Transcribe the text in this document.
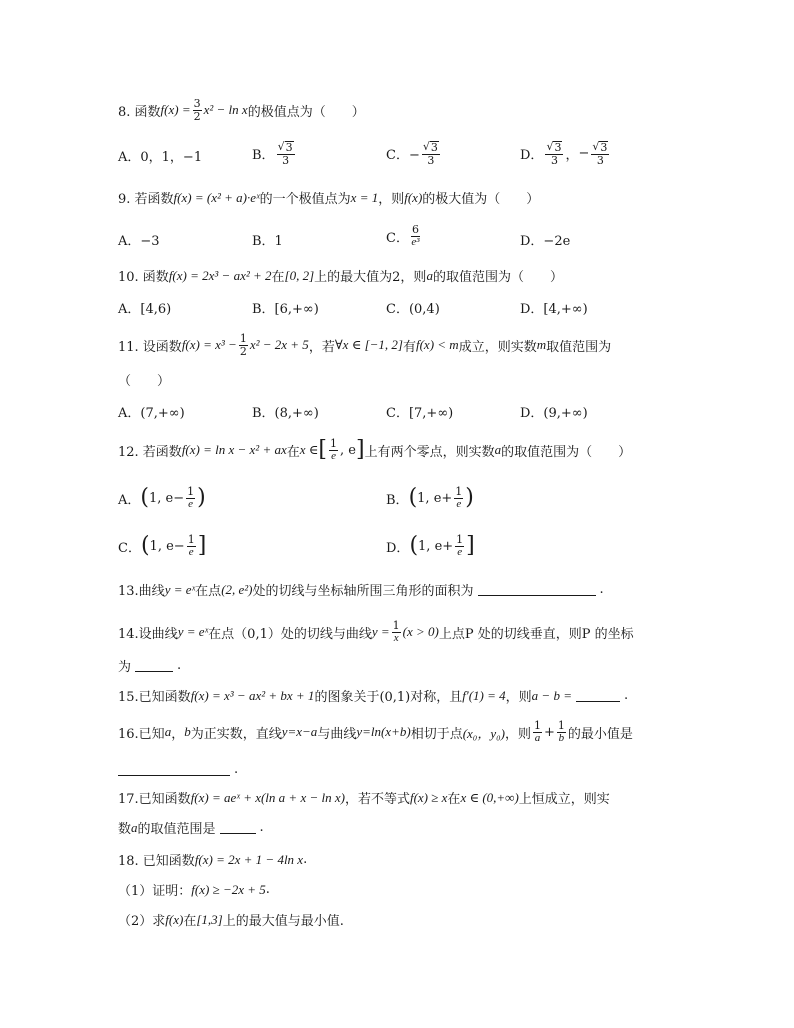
8. 函数 $f(x) = \frac{3}{2} x^2 - \ln x$ 的极值点为（　　）
A．0，1，−1	B． $\frac{√ 3}{3}$	C．− $\frac{√ 3}{3}$	D． $\frac{√ 3}{3}$ ， − $\frac{√ 3}{3}$
9. 若函数 f(x) = (x² + a)·eˣ 的一个极值点为 x = 1 ，则 f(x) 的极大值为（　　）
A．−3	B．1	C． $\frac{6}{\text{e³}}$	D．−2e
10. 函数 f(x) = 2x³ − ax² + 2 在 [0, 2] 上的最大值为2，则 a 的取值范围为（　　）
A．[4,6)	B．[6,+∞)	C．(0,4)	D．[4,+∞)
11. 设函数 $f(x) = x^3 - \frac{1}{2} x^2 - 2x + 5$ ，若 ∀x ∈ [−1, 2] 有 f(x) < m 成立，则实数 m 取值范围为
（　　）
A．(7,+∞)	B．(8,+∞)	C．[7,+∞)	D．(9,+∞)
12. 若函数 f(x) = ln x − x² + ax 在 x ∈ [ $\frac{1}{e}$ , e ] 上有两个零点，则实数 a 的取值范围为（　　）
A． ( 1, $e - \frac{1}{e}$ )	B． ( 1, $e + \frac{1}{e}$ )
C． ( 1, $e - \frac{1}{e}$ ]	D． ( 1, $e + \frac{1}{e}$ ]
13.曲线 y = eˣ 在点 (2, e²) 处的切线与坐标轴所围三角形的面积为	.
14.设曲线 y = eˣ 在点（0,1）处的切线与曲线 $y = \frac{1}{x} (x > 0)$ 上点P 处的切线垂直，则P 的坐标
为	.
15.已知函数 f(x) = x³ − ax² + bx + 1 的图象关于(0,1)对称，且 f′(1) = 4 ，则 a − b =	.
16.已知 a ， b 为正实数，直线 y=x−a 与曲线 y=ln(x+b) 相切于点 (x₀，y₀) ，则 $\frac{1}{a} + \frac{1}{b}$ 的最小值是
.
17.已知函数 f(x) = aeˣ + x(ln a + x − ln x) ，若不等式 f(x) ≥ x 在 x ∈ (0,+∞) 上恒成立，则实
数 a 的取值范围是	.
18. 已知函数 f(x) = 2x + 1 − 4ln x .
（1）证明： f(x) ≥ −2x + 5 .
（2）求 f(x) 在 [1,3] 上的最大值与最小值.
